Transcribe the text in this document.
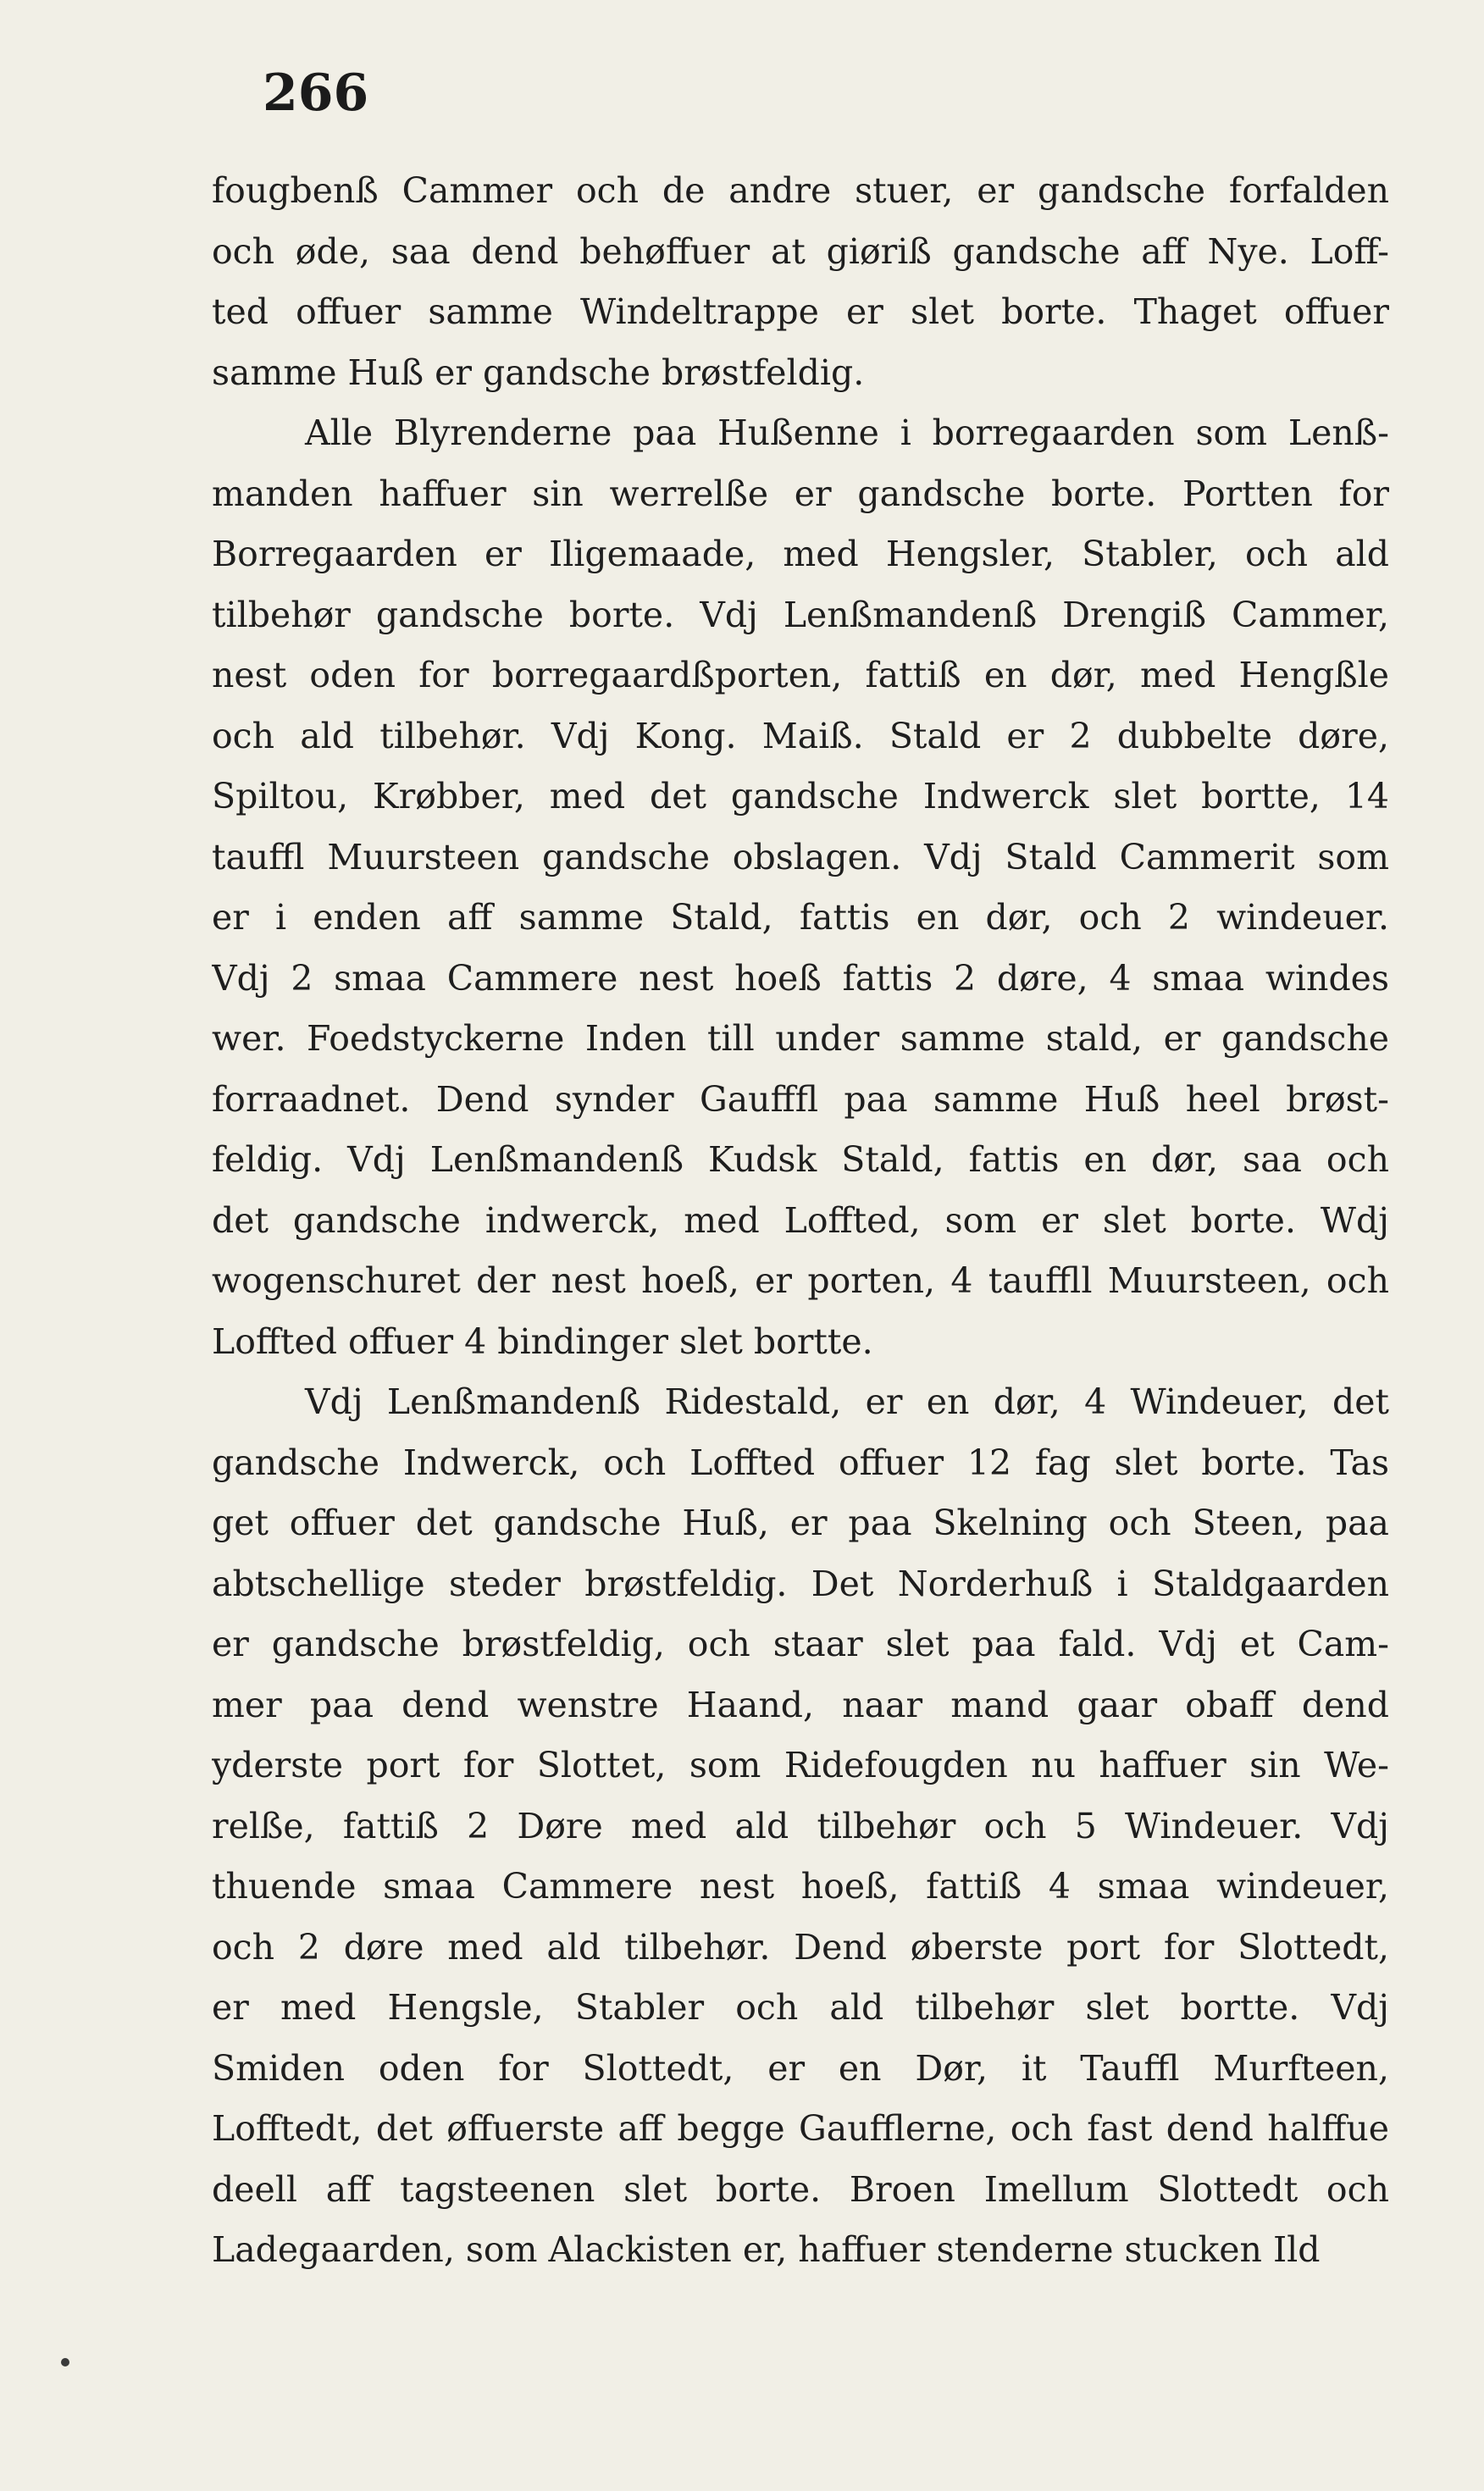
266
fougbenß Cammer och de andre stuer, er gandsche forfalden
och øde, saa dend behøffuer at giøriß gandsche aff Nye. Loff-
ted offuer samme Windeltrappe er slet borte. Thaget offuer
samme Huß er gandsche brøstfeldig.
Alle Blyrenderne paa Hußenne i borregaarden som Lenß-
manden haffuer sin werrelße er gandsche borte. Portten for
Borregaarden er Iligemaade, med Hengsler, Stabler, och ald
tilbehør gandsche borte. Vdj Lenßmandenß Drengiß Cammer,
nest oden for borregaardßporten, fattiß en dør, med Hengßle
och ald tilbehør. Vdj Kong. Maiß. Stald er 2 dubbelte døre,
Spiltou, Krøbber, med det gandsche Indwerck slet bortte, 14
tauffl Muursteen gandsche obslagen. Vdj Stald Cammerit som
er i enden aff samme Stald, fattis en dør, och 2 windeuer.
Vdj 2 smaa Cammere nest hoeß fattis 2 døre, 4 smaa windes
wer. Foedstyckerne Inden till under samme stald, er gandsche
forraadnet. Dend synder Gaufffl paa samme Huß heel brøst-
feldig. Vdj Lenßmandenß Kudsk Stald, fattis en dør, saa och
det gandsche indwerck, med Loffted, som er slet borte. Wdj
wogenschuret der nest hoeß, er porten, 4 tauffll Muursteen, och
Loffted offuer 4 bindinger slet bortte.
Vdj Lenßmandenß Ridestald, er en dør, 4 Windeuer, det
gandsche Indwerck, och Loffted offuer 12 fag slet borte. Tas
get offuer det gandsche Huß, er paa Skelning och Steen, paa
abtschellige steder brøstfeldig. Det Norderhuß i Staldgaarden
er gandsche brøstfeldig, och staar slet paa fald. Vdj et Cam-
mer paa dend wenstre Haand, naar mand gaar obaff dend
yderste port for Slottet, som Ridefougden nu haffuer sin We-
relße, fattiß 2 Døre med ald tilbehør och 5 Windeuer. Vdj
thuende smaa Cammere nest hoeß, fattiß 4 smaa windeuer,
och 2 døre med ald tilbehør. Dend øberste port for Slottedt,
er med Hengsle, Stabler och ald tilbehør slet bortte. Vdj
Smiden oden for Slottedt, er en Dør, it Tauffl Murfteen,
Lofftedt, det øffuerste aff begge Gaufflerne, och fast dend halffue
deell aff tagsteenen slet borte. Broen Imellum Slottedt och
Ladegaarden, som Alackisten er, haffuer stenderne stucken Ild
